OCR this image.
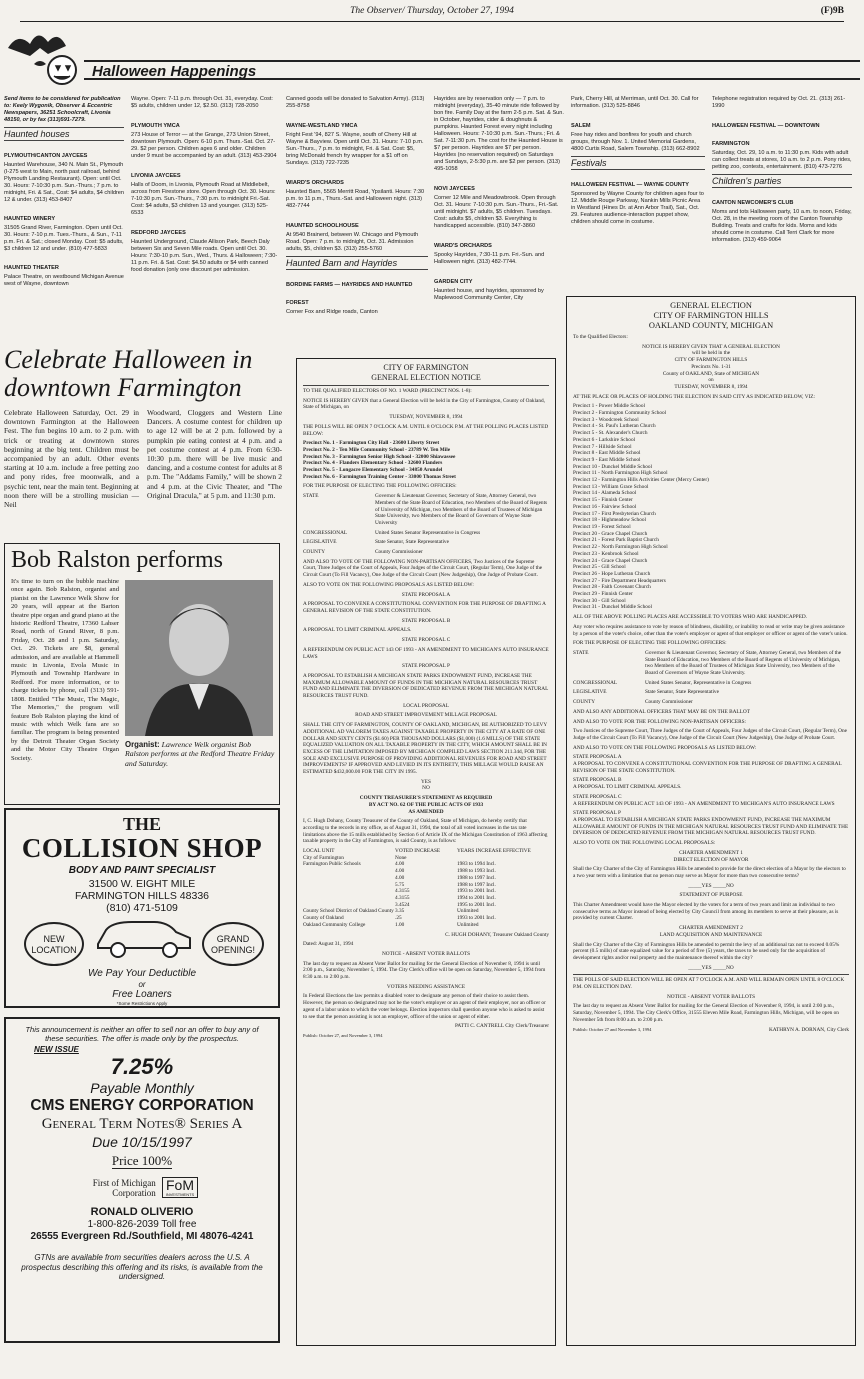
The Observer/ Thursday, October 27, 1994	(F)9B
Halloween Happenings

Send items to be considered for publication to: Keely Wygonik, Observer & Eccentric Newspapers, 36251 Schoolcraft, Livonia 48150, or by fax (313)591-7279.

Haunted houses
PLYMOUTH/CANTON JAYCEES

Haunted Warehouse, 340 N. Main St., Plymouth (I-275 west to Main, north past railroad, behind Plymouth Landing Restaurant). Open: until Oct. 30. Hours: 7-10:30 p.m. Sun.-Thurs.; 7 p.m. to midnight, Fri. & Sat., Cost: $4 adults, $4 children 12 & under. (313) 453-8407

HAUNTED WINERY

31505 Grand River, Farmington. Open until Oct. 30. Hours: 7-10 p.m. Tues.-Thurs., & Sun., 7-11 p.m. Fri. & Sat.; closed Monday. Cost: $5 adults, $3 children 12 and under. (810) 477-5833

HAUNTED THEATER

Palace Theatre, on westbound Michigan Avenue west of Wayne, downtown

Wayne. Open: 7-11 p.m. through Oct. 31, everyday. Cost: $5 adults, children under 12, $2.50. (313) 728-2050

PLYMOUTH YMCA

273 House of Terror — at the Grange, 273 Union Street, downtown Plymouth. Open: 6-10 p.m. Thurs.-Sat. Oct. 27-29. $2 per person. Children ages 6 and older. Children under 9 must be accompanied by an adult. (313) 453-2904

LIVONIA JAYCEES

Halls of Doom, in Livonia, Plymouth Road at Middlebelt, across from Firestone store. Open through Oct. 30. Hours: 7-10:30 p.m. Sun.-Thurs., 7:30 p.m. to midnight Fri.-Sat. Cost: $4 adults, $3 children 13 and younger. (313) 525-6533

REDFORD JAYCEES

Haunted Underground, Claude Allison Park, Beech Daly between Six and Seven Mile roads. Open until Oct. 30. Hours: 7:30-10 p.m. Sun., Wed., Thurs. & Halloween; 7:30-11 p.m. Fri. & Sat. Cost: $4.50 adults or $4 with canned food donation (only one discount per admission.

Canned goods will be donated to Salvation Army). (313) 255-8758

WAYNE-WESTLAND YMCA

Fright Fest '94, 827 S. Wayne, south of Cherry Hill at Wayne & Bayview. Open until Oct. 31. Hours: 7-10 p.m. Sun.-Thurs., 7 p.m. to midnight, Fri. & Sat. Cost: $5, bring McDonald french fry wrapper for a $1 off on Sundays. (313) 722-7235

WIARD'S ORCHARDS

Haunted Barn, 5565 Merritt Road, Ypsilanti. Hours: 7:30 p.m. to 11 p.m., Thurs.-Sat. and Halloween night. (313) 482-7744

HAUNTED SCHOOLHOUSE

At 9540 Brainerd, between W. Chicago and Plymouth Road. Open: 7 p.m. to midnight, Oct. 31. Admission adults, $5, children $3. (313) 255-5760

Haunted Barn and Hayrides
BORDINE FARMS — HAYRIDES AND HAUNTED FOREST

Corner Fox and Ridge roads, Canton

Hayrides are by reservation only — 7 p.m. to midnight (everyday), 35-40 minute ride followed by bon fire. Family Day at the farm 2-5 p.m. Sat. & Sun. in October, hayrides, cider & doughnuts & pumpkins. Haunted Forest every night including Halloween. Hours: 7-10:30 p.m. Sun.-Thurs.; Fri. & Sat. 7-11:30 p.m. The cost for the Haunted House is $7 per person. Hayrides are $7 per person. Hayrides (no reservation required) on Saturdays and Sundays, 2-5:30 p.m. are $2 per person. (313) 495-1058

NOVI JAYCEES

Corner 12 Mile and Meadowbrook. Open through Oct. 31. Hours: 7-10:30 p.m. Sun.-Thurs., Fri.-Sat. until midnight. $7 adults, $5 children. Tuesdays. Cost: adults $5, children $3. Everything is handicapped accessible. (810) 347-3860

WIARD'S ORCHARDS

Spooky Hayrides, 7:30-11 p.m. Fri.-Sun. and Halloween night. (313) 482-7744.

GARDEN CITY

Haunted house, and hayrides, sponsored by Maplewood Community Center, City

Park, Cherry Hill, at Merriman, until Oct. 30. Call for information. (313) 525-8846

SALEM

Free hay rides and bonfires for youth and church groups, through Nov. 1. United Memorial Gardens, 4800 Curtis Road, Salem Township. (313) 662-8902

Festivals
HALLOWEEN FESTIVAL — WAYNE COUNTY

Sponsored by Wayne County for children ages four to 12. Middle Rouge Parkway, Nankin Mills Picnic Area in Westland (Hines Dr. at Ann Arbor Trail), Sat., Oct. 29. Features audience-interaction puppet show, children should come in costume.

Telephone registration required by Oct. 21. (313) 261-1990

HALLOWEEN FESTIVAL — DOWNTOWN FARMINGTON

Saturday, Oct. 29, 10 a.m. to 11:30 p.m. Kids with adult can collect treats at stores, 10 a.m. to 2 p.m. Pony rides, petting zoo, contests, entertainment. (810) 473-7276

Children's parties
CANTON NEWCOMER'S CLUB

Moms and tots Halloween party, 10 a.m. to noon, Friday, Oct. 28, in the meeting room of the Canton Township Building. Treats and crafts for kids. Moms and kids should come in costume. Call Terri Clark for more information. (313) 459-9064

Celebrate Halloween in downtown Farmington

Celebrate Halloween Saturday, Oct. 29 in downtown Farmington at the Halloween Fest. The fun begins 10 a.m. to 2 p.m. with trick or treating at downtown stores beginning at the big tent. Children must be accompanied by an adult. Other events starting at 10 a.m. include a free petting zoo and pony rides, free moonwalk, and a psychic tent, near the main tent. Beginning at noon there will be a strolling musician — Neil

Woodward, Cloggers and Western Line Dancers. A costume contest for children up to age 12 will be at 2 p.m. followed by a pumpkin pie eating contest at 4 p.m. and a pet costume contest at 4 p.m. From 6:30-10:30 p.m. there will be live music and dancing, and a costume contest for adults at 8 p.m. The "Addams Family," will be shown 2 and 4 p.m. at the Civic Theater, and "The Original Dracula," at 5 p.m. and 11:30 p.m.

Bob Ralston performs

It's time to turn on the bubble machine once again. Bob Ralston, organist and pianist on the Lawrence Welk Show for 20 years, will appear at the Barton theatre pipe organ and grand piano at the historic Redford Theatre, 17360 Lahser Road, north of Grand River, 8 p.m. Friday, Oct. 28 and 1 p.m. Saturday, Oct. 29. Tickets are $8, general admission, and are available at Hammell music in Livonia, Evola Music in Plymouth and Township Hardware in Redford. For more information, or to charge tickets by phone, call (313) 591-1808. Entitled "The Music, The Magic, The Memories," the program will feature Bob Ralston playing the kind of music with which Welk fans are so familiar. The program is being presented by the Detroit Theater Organ Society and the Motor City Theatre Organ Society.

Organist: Lawrence Welk organist Bob Ralston performs at the Redford Theatre Friday and Saturday.
THE
COLLISION SHOP
BODY AND PAINT SPECIALIST
31500 W. EIGHT MILE
FARMINGTON HILLS 48336
(810) 471-5109
NEW LOCATION
GRAND OPENING!
We Pay Your Deductible
or
Free Loaners
*Some Restrictions Apply
This announcement is neither an offer to sell nor an offer to buy any of these securities. The offer is made only by the prospectus.
NEW ISSUE
7.25%
Payable Monthly
CMS ENERGY CORPORATION
General Term Notes® Series A
Due 10/15/1997
Price 100%
First of Michigan Corporation FoM
INVESTMENTS
RONALD OLIVERIO
1-800-826-2039 Toll free
26555 Evergreen Rd./Southfield, MI 48076-4241
GTNs are available from securities dealers across the U.S. A prospectus describing this offering and its risks, is available from the undersigned.

CITY OF FARMINGTON

GENERAL ELECTION NOTICE

TO THE QUALIFIED ELECTORS OF NO. 1 WARD (PRECINCT NOS. 1-8):

NOTICE IS HEREBY GIVEN that a General Election will be held in the City of Farmington, County of Oakland, State of Michigan, on

TUESDAY, NOVEMBER 8, 1994

THE POLLS WILL BE OPEN 7 O'CLOCK A.M. UNTIL 8 O'CLOCK P.M. AT THE POLLING PLACES LISTED BELOW:

Precinct No. 1 - Farmington City Hall - 23600 Liberty Street
Precinct No. 2 - Ten Mile Community School - 23789 W. Ten Mile
Precinct No. 3 - Farmington Senior High School - 32000 Shiawassee
Precinct No. 4 - Flanders Elementary School - 32600 Flanders
Precinct No. 5 - Longacre Elementary School - 34850 Arundel
Precinct No. 6 - Farmington Training Center - 33000 Thomas Street

FOR THE PURPOSE OF ELECTING THE FOLLOWING OFFICERS:

STATE	Governor & Lieutenant Governor, Secretary of State, Attorney General, two Members of the State Board of Education, two Members of the Board of Regents of University of Michigan, two Members of the Board of Trustees of Michigan State University, two Members of the Board of Governors of Wayne State University
CONGRESSIONAL	United States Senator Representative in Congress
LEGISLATIVE	State Senator, State Representative
COUNTY	County Commissioner

AND ALSO TO VOTE OF THE FOLLOWING NON-PARTISAN OFFICERS, Two Justices of the Supreme Court, Three Judges of the Court of Appeals, Four Judges of the Circuit Court, (Regular Term), One Judge of the Circuit Court (To Fill Vacancy), One Judge of the Circuit Court (New Judgeship), One Judge of Probate Court.

ALSO TO VOTE ON THE FOLLOWING PROPOSALS AS LISTED BELOW:

STATE PROPOSAL A

A PROPOSAL TO CONVENE A CONSTITUTIONAL CONVENTION FOR THE PURPOSE OF DRAFTING A GENERAL REVISION OF THE STATE CONSTITUTION.

STATE PROPOSAL B

A PROPOSAL TO LIMIT CRIMINAL APPEALS.

STATE PROPOSAL C

A REFERENDUM ON PUBLIC ACT 143 OF 1993 - AN AMENDMENT TO MICHIGAN'S AUTO INSURANCE LAWS

STATE PROPOSAL P

A PROPOSAL TO ESTABLISH A MICHIGAN STATE PARKS ENDOWMENT FUND, INCREASE THE MAXIMUM ALLOWABLE AMOUNT OF FUNDS IN THE MICHIGAN NATURAL RESOURCES TRUST FUND AND ELIMINATE THE DIVERSION OF DEDICATED REVENUE FROM THE MICHIGAN NATURAL RESOURCES TRUST FUND.

LOCAL PROPOSAL

ROAD AND STREET IMPROVEMENT MILLAGE PROPOSAL

SHALL THE CITY OF FARMINGTON, COUNTY OF OAKLAND, MICHIGAN, BE AUTHORIZED TO LEVY ADDITIONAL AD VALOREM TAXES AGAINST TAXABLE PROPERTY IN THE CITY AT A RATE OF ONE DOLLAR AND SIXTY CENTS ($1.60) PER THOUSAND DOLLARS ($1,000) (1.6 MILLS) OF THE STATE EQUALIZED VALUATION ON ALL TAXABLE PROPERTY IN THE CITY, WHICH AMOUNT SHALL BE IN EXCESS OF THE LIMITATION IMPOSED BY MICHIGAN COMPILED LAWS SECTION 211.34d, FOR THE SOLE AND EXCLUSIVE PURPOSE OF PROVIDING ADDITIONAL REVENUES FOR ROAD AND STREET IMPROVEMENTS? IF APPROVED AND LEVIED IN ITS ENTIRETY, THIS MILLAGE WOULD RAISE AN ESTIMATED $432,000.00 FOR THE CITY IN 1995.

YES

NO

COUNTY TREASURER'S STATEMENT AS REQUIRED

BY ACT NO. 62 OF THE PUBLIC ACTS OF 1933

AS AMENDED

I, C. Hugh Dohany, County Treasurer of the County of Oakland, State of Michigan, do hereby certify that according to the records in my office, as of August 31, 1994, the total of all voted increases in the tax rate limitations above the 15 mills established by Section 6 of Article IX of the Michigan Constitution of 1963 affecting taxable property in the City of Farmington, is said County, is as follows:

LOCAL UNIT	VOTED INCREASE	YEARS INCREASE EFFECTIVE
City of Farmington	None
Farmington Public Schools	4.00	1983 to 1994 Incl.
4.00	1988 to 1993 Incl.
4.00	1988 to 1997 Incl.
5.75	1988 to 1997 Incl.
4.3155	1993 to 2001 Incl.
4.3155	1994 to 2001 Incl.
3.4524	1995 to 2001 Incl.
County School District of Oakland County 3.35	Unlimited
County of Oakland	.25	1993 to 2001 Incl.
Oakland Community College	1.00	Unlimited

C. HUGH DOHANY, Treasurer Oakland County

Dated: August 31, 1994

NOTICE - ABSENT VOTER BALLOTS

The last day to request an Absent Voter Ballot for mailing for the General Election of November 8, 1994 is until 2:00 p.m., Saturday, November 5, 1994. The City Clerk's office will be open on Saturday, November 5, 1994 from 8:30 a.m. to 2:00 p.m.

VOTERS NEEDING ASSISTANCE

In Federal Elections the law permits a disabled voter to designate any person of their choice to assist them. However, the person so designated may not be the voter's employer or an agent of their employer, nor an officer or agent of a labor union to which the voter belongs. Election inspectors shall question anyone who is asked to assist to see that the person assisting is not an employer, officer of the union or agent of either.

PATTI C. CANTRELL City Clerk/Treasurer

Publish: October 27, and November 3, 1994

GENERAL ELECTION

CITY OF FARMINGTON HILLS

OAKLAND COUNTY, MICHIGAN

To the Qualified Electors:

NOTICE IS HEREBY GIVEN THAT A GENERAL ELECTION

will be held in the

CITY OF FARMINGTON HILLS

Precincts No. 1-31

County of OAKLAND, State of MICHIGAN

on

TUESDAY, NOVEMBER 8, 1994

AT THE PLACE OR PLACES OF HOLDING THE ELECTION IN SAID CITY AS INDICATED BELOW, VIZ:

Precinct 1 - Power Middle School
Precinct 2 - Farmington Community School
Precinct 3 - Woodcreek School
Precinct 4 - St. Paul's Lutheran Church
Precinct 5 - St. Alexander's Church
Precinct 6 - Larkshire School
Precinct 7 - Hillside School
Precinct 8 - East Middle School
Precinct 9 - East Middle School
Precinct 10 - Dunckel Middle School
Precinct 11 - North Farmington High School
Precinct 12 - Farmington Hills Activities Center (Mercy Center)
Precinct 13 - William Grace School
Precinct 14 - Alameda School
Precinct 15 - Finnish Center
Precinct 16 - Fairview School
Precinct 17 - First Presbyterian Church
Precinct 18 - Highmeadow School
Precinct 19 - Forest School
Precinct 20 - Grace Chapel Church
Precinct 21 - Forest Park Baptist Church
Precinct 22 - North Farmington High School
Precinct 23 - Kenbrook School
Precinct 24 - Grace Chapel Church
Precinct 25 - Gill School
Precinct 26 - Hope Lutheran Church
Precinct 27 - Fire Department Headquarters
Precinct 28 - Faith Covenant Church
Precinct 29 - Finnish Center
Precinct 30 - Gill School
Precinct 31 - Dunckel Middle School

ALL OF THE ABOVE POLLING PLACES ARE ACCESSIBLE TO VOTERS WHO ARE HANDICAPPED.

Any voter who requires assistance to vote by reason of blindness, disability, or inability to read or write may be given assistance by a person of the voter's choice, other than the voter's employer or agent of that employer or officer or agent of the voter's union.

FOR THE PURPOSE OF ELECTING THE FOLLOWING OFFICERS:

STATE	Governor & Lieutenant Governor, Secretary of State, Attorney General, two Members of the State Board of Education, two Members of the Board of Regents of University of Michigan, two Members of the Board of Trustees of Michigan State University, two Members of the Board of Governors of Wayne State University.
CONGRESSIONAL	United States Senator, Representative in Congress
LEGISLATIVE	State Senator, State Representative
COUNTY	County Commissioner

AND ALSO ANY ADDITIONAL OFFICERS THAT MAY BE ON THE BALLOT

AND ALSO TO VOTE FOR THE FOLLOWING NON-PARTISAN OFFICERS:

Two Justices of the Supreme Court, Three Judges of the Court of Appeals, Four Judges of the Circuit Court, (Regular Term), One Judge of the Circuit Court (To Fill Vacancy), One Judge of the Circuit Court (New Judgeship), One Judge of Probate Court.

AND ALSO TO VOTE ON THE FOLLOWING PROPOSALS AS LISTED BELOW:

STATE PROPOSAL A

A PROPOSAL TO CONVENE A CONSTITUTIONAL CONVENTION FOR THE PURPOSE OF DRAFTING A GENERAL REVISION OF THE STATE CONSTITUTION.

STATE PROPOSAL B

A PROPOSAL TO LIMIT CRIMINAL APPEALS.

STATE PROPOSAL C

A REFERENDUM ON PUBLIC ACT 143 OF 1993 - AN AMENDMENT TO MICHIGAN'S AUTO INSURANCE LAWS

STATE PROPOSAL P

A PROPOSAL TO ESTABLISH A MICHIGAN STATE PARKS ENDOWMENT FUND, INCREASE THE MAXIMUM ALLOWABLE AMOUNT OF FUNDS IN THE MICHIGAN NATURAL RESOURCES TRUST FUND AND ELIMINATE THE DIVERSION OF DEDICATED REVENUE FROM THE MICHIGAN NATURAL RESOURCES TRUST FUND.

ALSO TO VOTE ON THE FOLLOWING LOCAL PROPOSALS:

CHARTER AMENDMENT 1

DIRECT ELECTION OF MAYOR

Shall the City Charter of the City of Farmington Hills be amended to provide for the direct election of a Mayor by the electors to a two year term with a limitation that no person may serve as Mayor for more than two consecutive terms?

_____YES _____NO

STATEMENT OF PURPOSE

This Charter Amendment would have the Mayor elected by the voters for a term of two years and limit an individual to two consecutive terms as Mayor instead of being elected by City Council from among its members to serve at their pleasure, as is provided by current Charter.

CHARTER AMENDMENT 2

LAND ACQUISITION AND MAINTENANCE

Shall the City Charter of the City of Farmington Hills be amended to permit the levy of an additional tax not to exceed 0.05% percent (0.5 mills) of state equalized value for a period of five (5) years, the taxes to be used only for the acquisition of development rights and/or real property and the maintenance thereof within the city?

_____YES _____NO

THE POLLS OF SAID ELECTION WILL BE OPEN AT 7 O'CLOCK A.M. AND WILL REMAIN OPEN UNTIL 8 O'CLOCK P.M. ON ELECTION DAY.

NOTICE - ABSENT VOTER BALLOTS

The last day to request an Absent Voter Ballot for mailing for the General Election of November 8, 1994, is until 2:00 p.m., Saturday, November 5, 1994. The City Clerk's Office, 31555 Eleven Mile Road, Farmington Hills, Michigan, will be open on November 5th from 8:00 a.m. to 2:00 p.m.

Publish: October 27 and November 3, 1994	KATHRYN A. DORNAN, City Clerk
